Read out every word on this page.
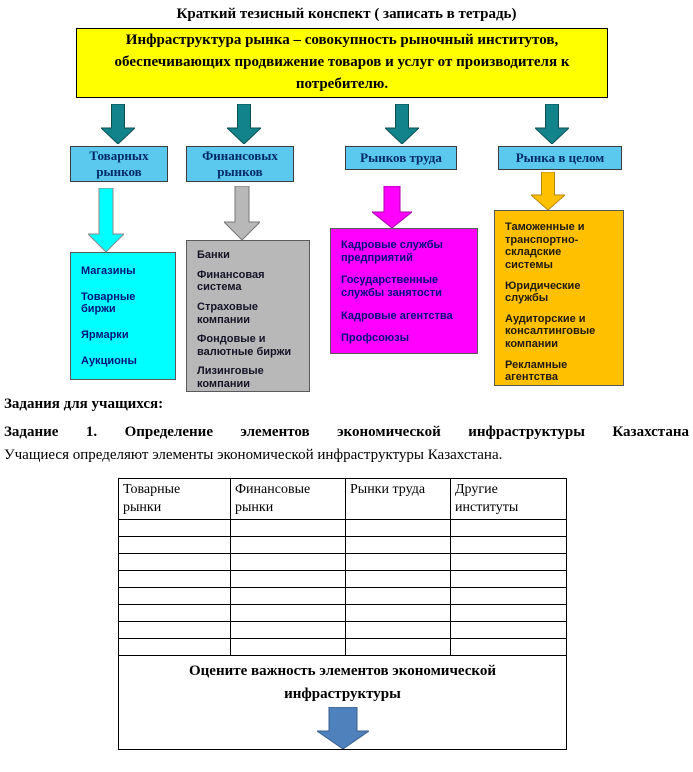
Краткий тезисный конспект ( записать в тетрадь)
Инфраструктура рынка – совокупность рыночный институтов, обеспечивающих продвижение товаров и услуг от производителя к потребителю.
Товарных рынков
Финансовых рынков
Рынков труда	Рынка в целом
Магазины
Товарные биржи
Ярмарки
Аукционы
Банки
Финансовая система
Страховые компании
Фондовые и валютные биржи
Лизинговые компании
Кадровые службы предприятий
Государственные службы занятости
Кадровые агентства
Профсоюзы
Таможенные и транспортно-складские системы
Юридические службы
Аудиторские и консалтинговые компании
Рекламные агентства
Задания для учащихся:
Задание 1. Определение элементов экономической инфраструктуры Казахстана
Учащиеся определяют элементы экономической инфраструктуры Казахстана.
Товарные рынки	Финансовые рынки	Рынки труда	Другие институты

Оцените важность элементов экономической инфраструктуры			
